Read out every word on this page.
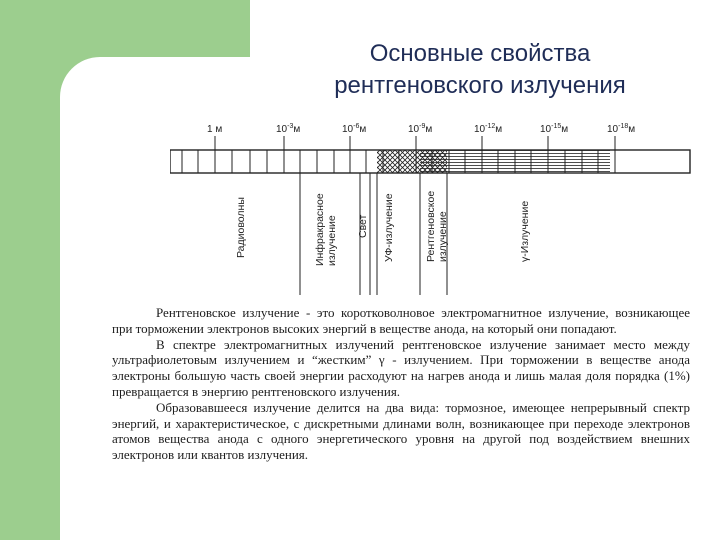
Основные свойства
рентгеновского излучения
1 м	$10^{-3}м$	$10^{-6}м$	$10^{-9}м$	$10^{-12}м$	$10^{-15}м$	$10^{-18}м$
Радиоволны	Инфракрасное излучение Свет УФ-излучение	Рентгеновское излучение	γ-Излучение

Рентгеновское излучение - это коротковолновое электромагнитное излучение, возникающее при торможении электронов высоких энергий в веществе анода, на который они попадают.

В спектре электромагнитных излучений рентгеновское излучение занимает место между ультрафиолетовым излучением и “жестким” γ - излучением. При торможении в веществе анода электроны большую часть своей энергии расходуют на нагрев анода и лишь малая доля порядка (1%) превращается в энергию рентгеновского излучения.

Образовавшееся излучение делится на два вида: тормозное, имеющее непрерывный спектр энергий, и характеристическое, с дискретными длинами волн, возникающее при переходе электронов атомов вещества анода с одного энергетического уровня на другой под воздействием внешних электронов или квантов излучения.
